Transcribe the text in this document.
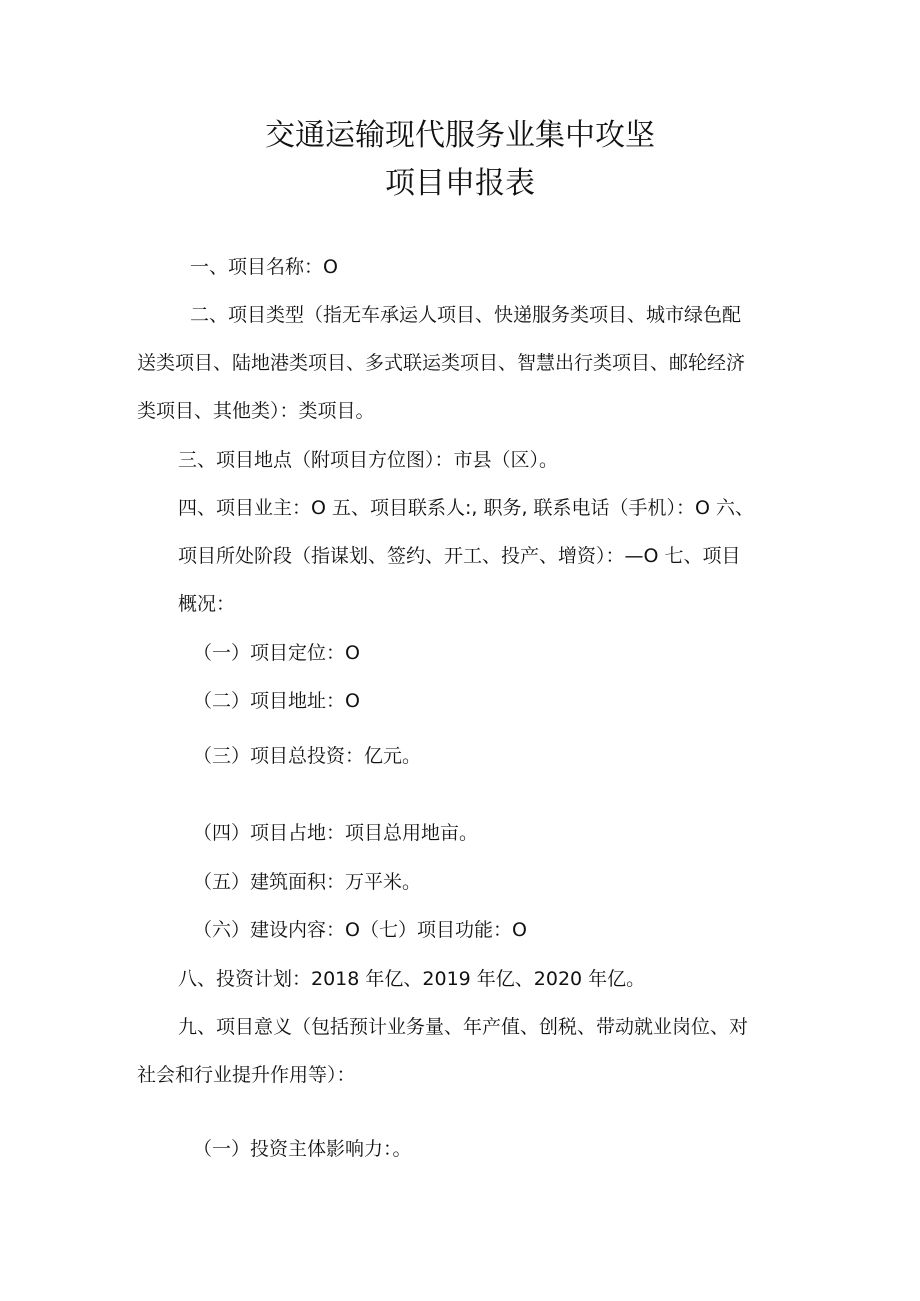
交通运输现代服务业集中攻坚
项目申报表
一、项目名称：O
二、项目类型（指无车承运人项目、快递服务类项目、城市绿色配
送类项目、陆地港类项目、多式联运类项目、智慧出行类项目、邮轮经济
类项目、其他类）：类项目。
三、项目地点（附项目方位图）：市县（区）。
四、项目业主：O 五、项目联系人:, 职务, 联系电话（手机）：O 六、
项目所处阶段（指谋划、签约、开工、投产、增资）：—O 七、项目
概况：
（一）项目定位：O
（二）项目地址：O
（三）项目总投资：亿元。
（四）项目占地：项目总用地亩。
（五）建筑面积：万平米。
（六）建设内容：O（七）项目功能：O
八、投资计划：2018 年亿、2019 年亿、2020 年亿。
九、项目意义（包括预计业务量、年产值、创税、带动就业岗位、对
社会和行业提升作用等）：
（一）投资主体影响力：。
